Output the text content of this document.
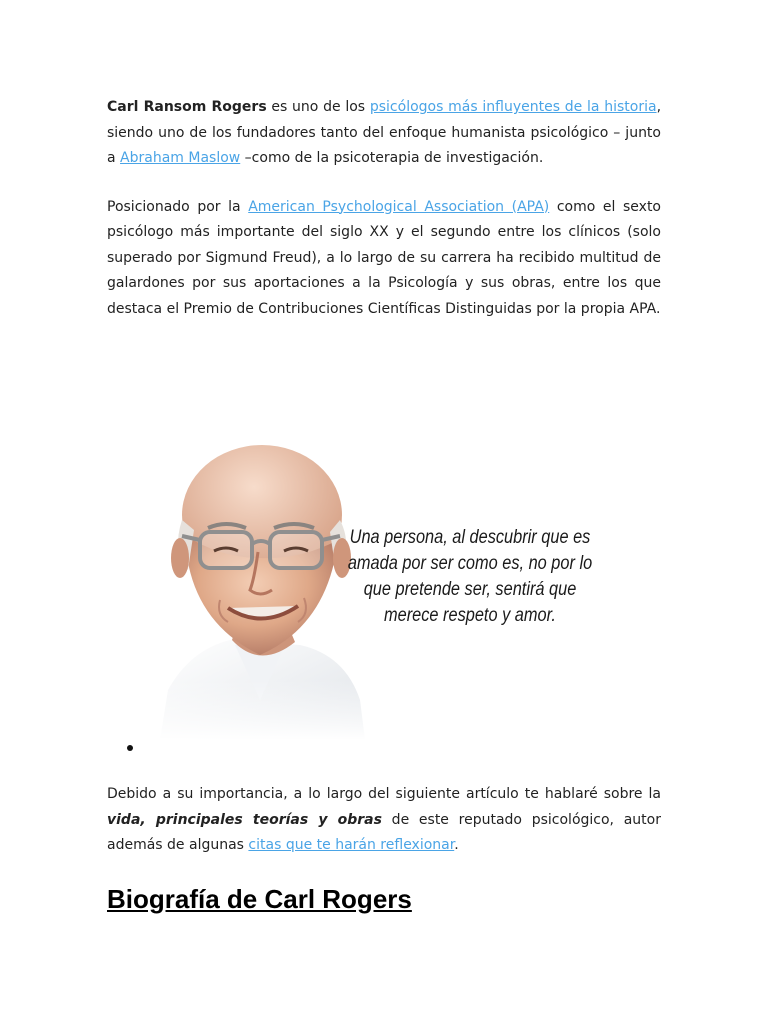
Carl Ransom Rogers es uno de los psicólogos más influyentes de la historia, siendo uno de los fundadores tanto del enfoque humanista psicológico – junto a Abraham Maslow –como de la psicoterapia de investigación.

Posicionado por la American Psychological Association (APA) como el sexto psicólogo más importante del siglo XX y el segundo entre los clínicos (solo superado por Sigmund Freud), a lo largo de su carrera ha recibido multitud de galardones por sus aportaciones a la Psicología y sus obras, entre los que destaca el Premio de Contribuciones Científicas Distinguidas por la propia APA.

Una persona, al descubrir que es
amada por ser como es, no por lo
que pretende ser, sentirá que
merece respeto y amor.

Debido a su importancia, a lo largo del siguiente artículo te hablaré sobre la vida, principales teorías y obras de este reputado psicológico, autor además de algunas citas que te harán reflexionar.

Biografía de Carl Rogers
